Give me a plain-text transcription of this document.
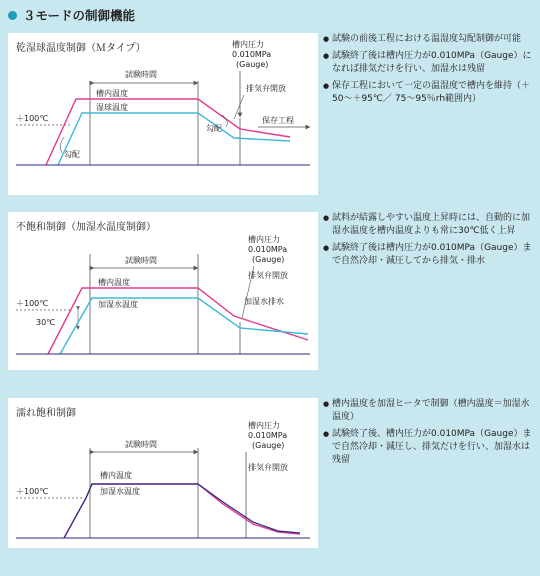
３モードの制御機能
乾湿球温度制御（Ｍタイプ）
試験時間
槽内圧力
0.010MPa
(Gauge)
排気弁開放
保存工程
＋100℃
槽内温度
湿球温度
勾配
勾配
● 試験の前後工程における温湿度勾配制御が可能
● 試験終了後は槽内圧力が0.010MPa（Gauge）になれば排気だけを行い、加湿水は残留
● 保存工程において一定の温湿度で槽内を維持（＋50～＋95℃／ 75～95％rh範囲内）
不飽和制御（加湿水温度制御）
試験時間
槽内圧力
0.010MPa
(Gauge)
排気弁開放
加湿水排水
＋100℃
30℃
槽内温度
加湿水温度
● 試料が結露しやすい温度上昇時には、自動的に加湿水温度を槽内温度よりも常に30℃低く上昇
● 試験終了後は槽内圧力が0.010MPa（Gauge）まで自然冷却・減圧してから排気・排水
濡れ飽和制御
試験時間
槽内圧力
0.010MPa
(Gauge)
排気弁開放
＋100℃
槽内温度
加湿水温度
● 槽内温度を加湿ヒータで制御（槽内温度＝加湿水温度）
● 試験終了後、槽内圧力が0.010MPa（Gauge）まで自然冷却・減圧し、排気だけを行い、加湿水は残留
